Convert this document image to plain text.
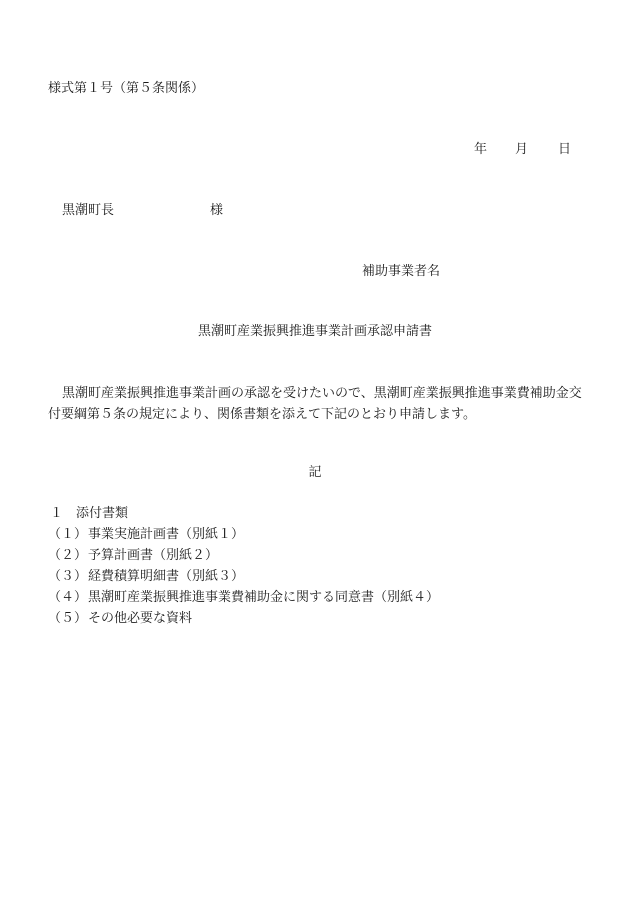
様式第１号（第５条関係）
年 月 日
黒潮町長	様
補助事業者名
黒潮町産業振興推進事業計画承認申請書
黒潮町産業振興推進事業計画の承認を受けたいので、黒潮町産業振興推進事業費補助金交付要綱第５条の規定により、関係書類を添えて下記のとおり申請します。
記
１ 添付書類
（１）事業実施計画書（別紙１）
（２）予算計画書（別紙２）
（３）経費積算明細書（別紙３）
（４）黒潮町産業振興推進事業費補助金に関する同意書（別紙４）
（５）その他必要な資料
